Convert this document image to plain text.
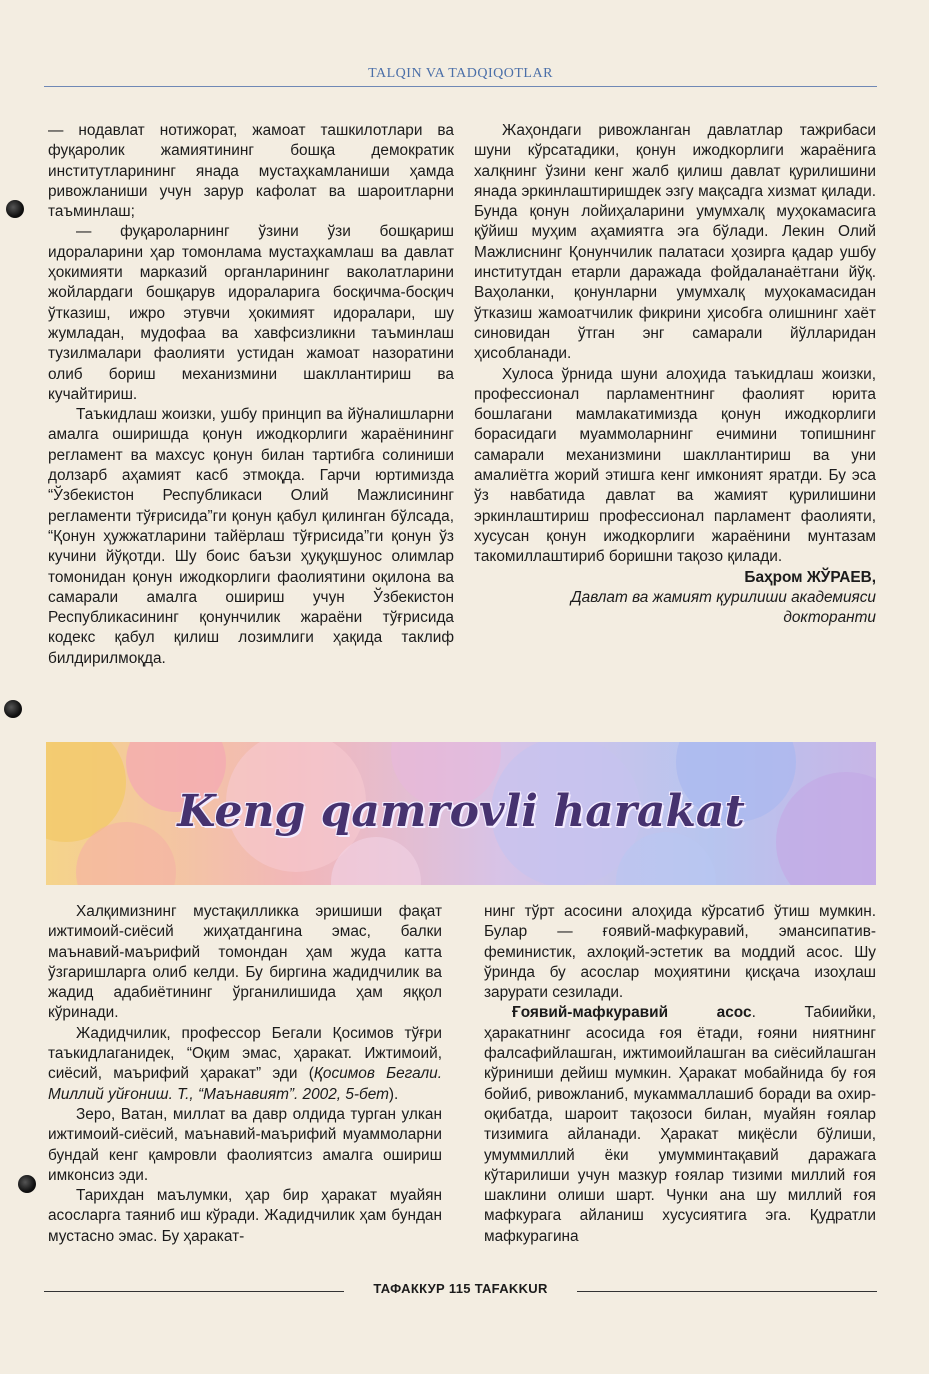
TALQIN VA TADQIQOTLAR

— нодавлат нотижорат, жамоат ташкилотлари ва фуқаролик жамиятининг бошқа демократик институтларининг янада мустаҳкамланиши ҳамда ривожланиши учун зарур кафолат ва шароитларни таъминлаш;

— фуқароларнинг ўзини ўзи бошқариш идораларини ҳар томонлама мустаҳкамлаш ва давлат ҳокимияти марказий органларининг ваколатларини жойлардаги бошқарув идораларига босқичма-босқич ўтказиш, ижро этувчи ҳокимият идоралари, шу жумладан, мудофаа ва хавфсизликни таъминлаш тузилмалари фаолияти устидан жамоат назоратини олиб бориш механизмини шакллантириш ва кучайтириш.

Таъкидлаш жоизки, ушбу принцип ва йўналишларни амалга оширишда қонун ижодкорлиги жараёнининг регламент ва махсус қонун билан тартибга солиниши долзарб аҳамият касб этмоқда. Гарчи юртимизда “Ўзбекистон Республикаси Олий Мажлисининг регламенти тўғрисида”ги қонун қабул қилинган бўлсада, “Қонун ҳужжатларини тайёрлаш тўғрисида”ги қонун ўз кучини йўқотди. Шу боис баъзи ҳуқуқшунос олимлар томонидан қонун ижодкорлиги фаолиятини оқилона ва самарали амалга ошириш учун Ўзбекистон Республикасининг қонунчилик жараёни тўғрисида кодекс қабул қилиш лозимлиги ҳақида таклиф билдирилмоқда.

Жаҳондаги ривожланган давлатлар тажрибаси шуни кўрсатадики, қонун ижодкорлиги жараёнига халқнинг ўзини кенг жалб қилиш давлат қурилишини янада эркинлаштиришдек эзгу мақсадга хизмат қилади. Бунда қонун лойиҳаларини умумхалқ муҳокамасига қўйиш муҳим аҳамиятга эга бўлади. Лекин Олий Мажлиснинг Қонунчилик палатаси ҳозирга қадар ушбу институтдан етарли даражада фойдаланаётгани йўқ. Ваҳоланки, қонунларни умумхалқ муҳокамасидан ўтказиш жамоатчилик фикрини ҳисобга олишнинг хаёт синовидан ўтган энг самарали йўлларидан ҳисобланади.

Хулоса ўрнида шуни алоҳида таъкидлаш жоизки, профессионал парламентнинг фаолият юрита бошлагани мамлакатимизда қонун ижодкорлиги борасидаги муаммоларнинг ечимини топишнинг самарали механизмини шакллантириш ва уни амалиётга жорий этишга кенг имконият яратди. Бу эса ўз навбатида давлат ва жамият қурилишини эркинлаштириш профессионал парламент фаолияти, хусусан қонун ижодкорлиги жараёнини мунтазам такомиллаштириб боришни тақозо қилади.

Баҳром ЖЎРАЕВ,

Давлат ва жамият қурилиши академияси докторанти

Keng qamrovli harakat

Халқимизнинг мустақилликка эришиши фақат ижтимоий-сиёсий жиҳатдангина эмас, балки маънавий-маърифий томондан ҳам жуда катта ўзгаришларга олиб келди. Бу биргина жадидчилик ва жадид адабиётининг ўрганилишида ҳам яққол кўринади.

Жадидчилик, профессор Бегали Қосимов тўғри таъкидлаганидек, “Оқим эмас, ҳаракат. Ижтимоий, сиёсий, маърифий ҳаракат” эди (Қосимов Бегали. Миллий уйғониш. Т., “Маънавият”. 2002, 5-бет).

Зеро, Ватан, миллат ва давр олдида турган улкан ижтимоий-сиёсий, маънавий-маърифий муаммоларни бундай кенг қамровли фаолиятсиз амалга ошириш имконсиз эди.

Тарихдан маълумки, ҳар бир ҳаракат муайян асосларга таяниб иш кўради. Жадидчилик ҳам бундан мустасно эмас. Бу ҳаракат-

нинг тўрт асосини алоҳида кўрсатиб ўтиш мумкин. Булар — ғоявий-мафкуравий, эмансипатив-феминистик, ахлоқий-эстетик ва моддий асос. Шу ўринда бу асослар моҳиятини қисқача изоҳлаш зарурати сезилади.

Ғоявий-мафкуравий асос. Табиийки, ҳаракатнинг асосида ғоя ётади, ғояни ниятнинг фалсафийлашган, ижтимоийлашган ва сиёсийлашган кўриниши дейиш мумкин. Ҳаракат мобайнида бу ғоя бойиб, ривожланиб, мукаммаллашиб боради ва охир-оқибатда, шароит тақозоси билан, муайян ғоялар тизимига айланади. Ҳаракат миқёсли бўлиши, умуммиллий ёки умумминтақавий даражага кўтарилиши учун мазкур ғоялар тизими миллий ғоя шаклини олиши шарт. Чунки ана шу миллий ғоя мафкурага айланиш хусусиятига эга. Қудратли мафкурагина

ТАФАККУР 115 TAFAKKUR
